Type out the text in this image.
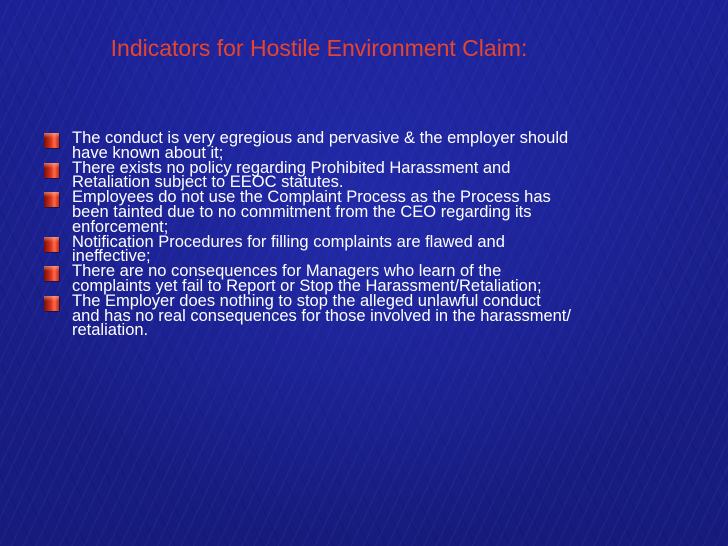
Indicators for Hostile Environment Claim:
The conduct is very egregious and pervasive & the employer should
have known about it;
There exists no policy regarding Prohibited Harassment and
Retaliation subject to EEOC statutes.
Employees do not use the Complaint Process as the Process has
been tainted due to no commitment from the CEO regarding its
enforcement;
Notification Procedures for filling complaints are flawed and
ineffective;
There are no consequences for Managers who learn of the
complaints yet fail to Report or Stop the Harassment/Retaliation;
The Employer does nothing to stop the alleged unlawful conduct
and has no real consequences for those involved in the harassment/
retaliation.
